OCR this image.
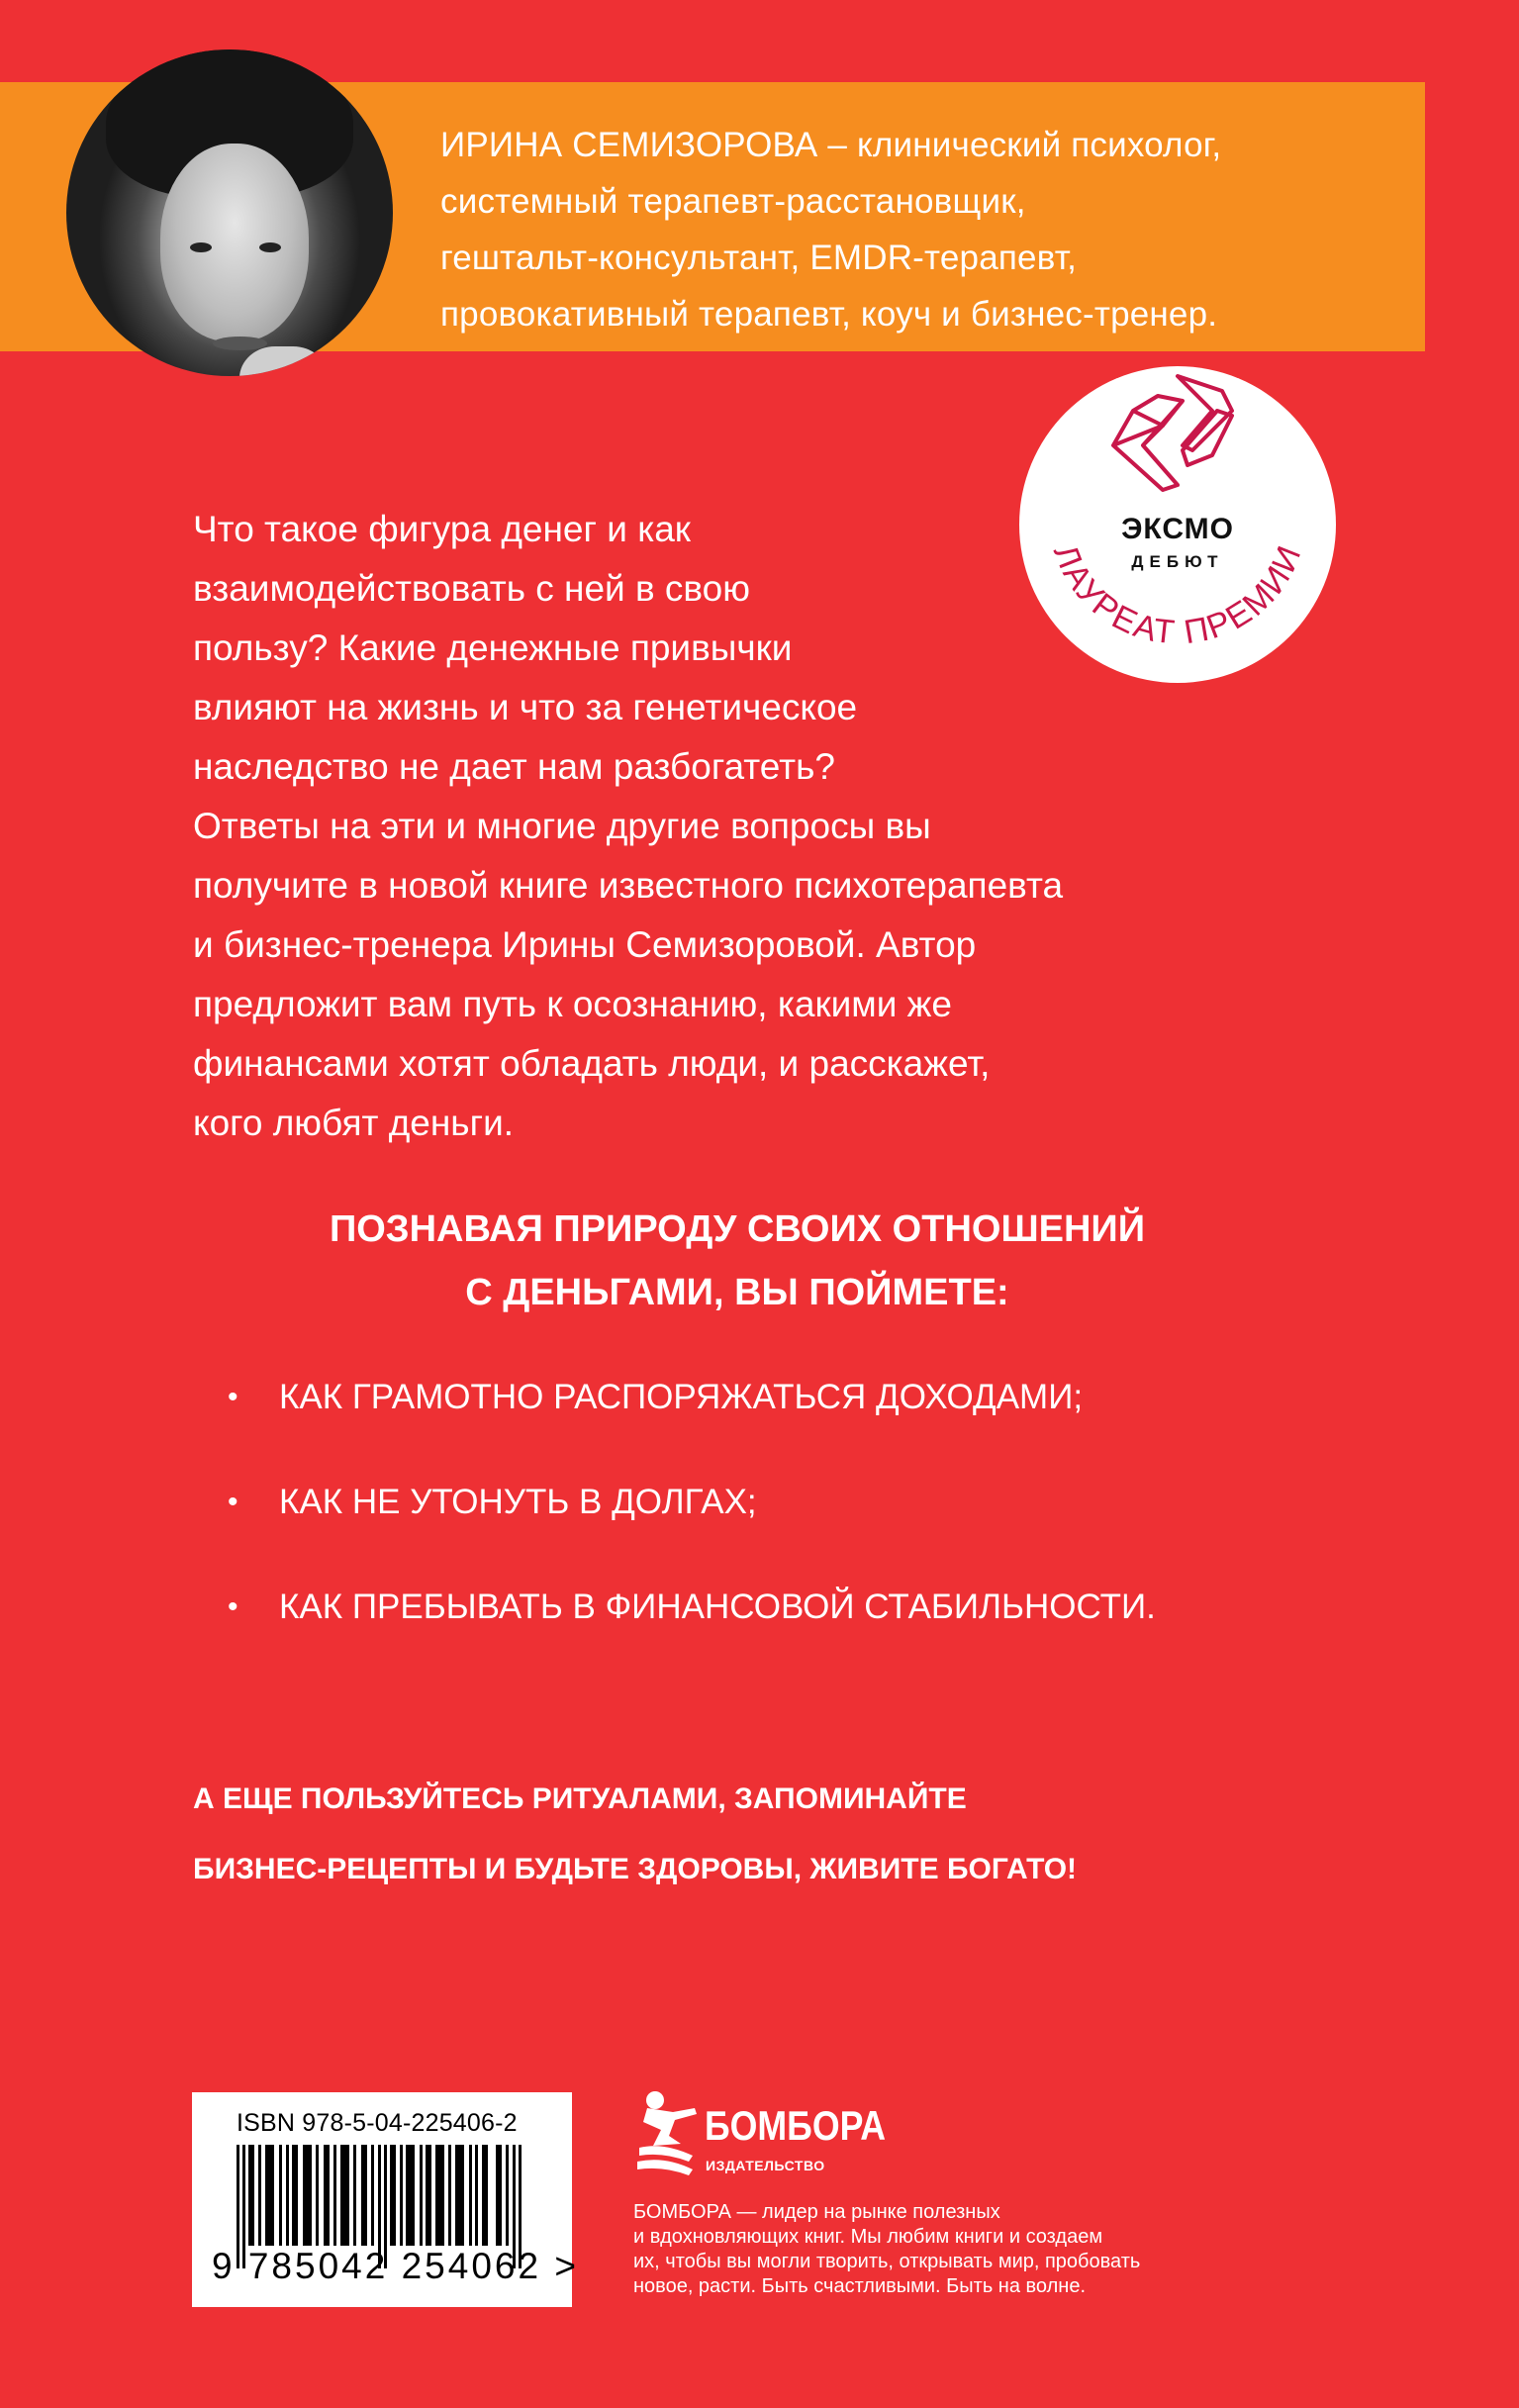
ИРИНА СЕМИЗОРОВА – клинический психолог,
системный терапевт-расстановщик,
гештальт-консультант, EMDR-терапевт,
провокативный терапевт, коуч и бизнес-тренер.
ЛАУРЕАТ ПРЕМИИ
ЭКСМО
ДЕБЮТ
Что такое фигура денег и как
взаимодействовать с ней в свою
пользу? Какие денежные привычки
влияют на жизнь и что за генетическое
наследство не дает нам разбогатеть?
Ответы на эти и многие другие вопросы вы
получите в новой книге известного психотерапевта
и бизнес-тренера Ирины Семизоровой. Автор
предложит вам путь к осознанию, какими же
финансами хотят обладать люди, и расскажет,
кого любят деньги.
ПОЗНАВАЯ ПРИРОДУ СВОИХ ОТНОШЕНИЙ
С ДЕНЬГАМИ, ВЫ ПОЙМЕТЕ:
•	КАК ГРАМОТНО РАСПОРЯЖАТЬСЯ ДОХОДАМИ;
•	КАК НЕ УТОНУТЬ В ДОЛГАХ;
•	КАК ПРЕБЫВАТЬ В ФИНАНСОВОЙ СТАБИЛЬНОСТИ.
А ЕЩЕ ПОЛЬЗУЙТЕСЬ РИТУАЛАМИ, ЗАПОМИНАЙТЕ
БИЗНЕС-РЕЦЕПТЫ И БУДЬТЕ ЗДОРОВЫ, ЖИВИТЕ БОГАТО!
ISBN 978-5-04-225406-2
9 785042 254062 >
БОМБОРА
ИЗДАТЕЛЬСТВО
БОМБОРА — лидер на рынке полезных
и вдохновляющих книг. Мы любим книги и создаем
их, чтобы вы могли творить, открывать мир, пробовать
новое, расти. Быть счастливыми. Быть на волне.
